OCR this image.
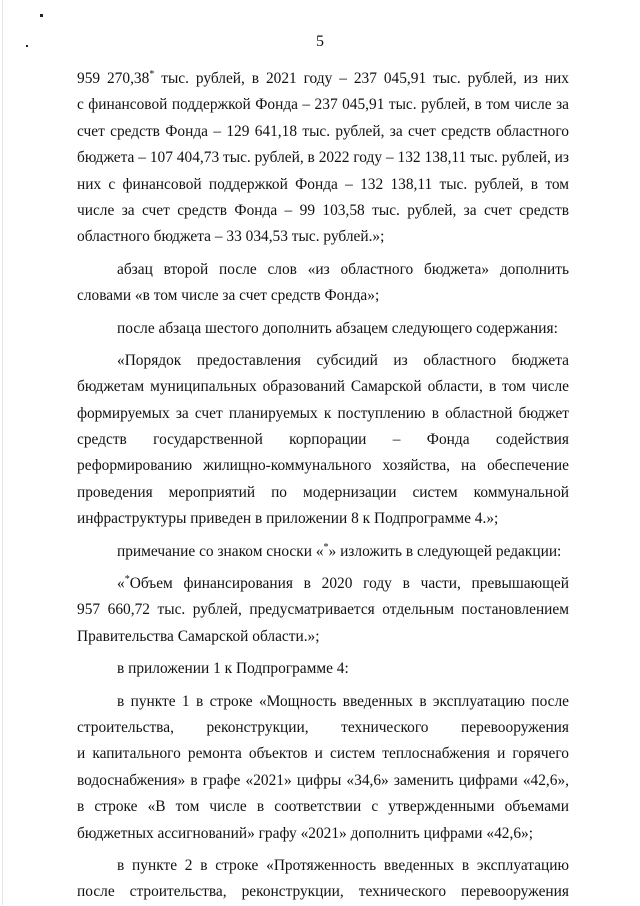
5
959 270,38* тыс. рублей, в 2021 году – 237 045,91 тыс. рублей, из них
с финансовой поддержкой Фонда – 237 045,91 тыс. рублей, в том числе за
счет средств Фонда – 129 641,18 тыс. рублей, за счет средств областного
бюджета – 107 404,73 тыс. рублей, в 2022 году – 132 138,11 тыс. рублей, из
них с финансовой поддержкой Фонда – 132 138,11 тыс. рублей, в том
числе за счет средств Фонда – 99 103,58 тыс. рублей, за счет средств
областного бюджета – 33 034,53 тыс. рублей.»;
абзац второй после слов «из областного бюджета» дополнить
словами «в том числе за счет средств Фонда»;
после абзаца шестого дополнить абзацем следующего содержания:
«Порядок предоставления субсидий из областного бюджета
бюджетам муниципальных образований Самарской области, в том числе
формируемых за счет планируемых к поступлению в областной бюджет
средств государственной корпорации – Фонда содействия
реформированию жилищно-коммунального хозяйства, на обеспечение
проведения мероприятий по модернизации систем коммунальной
инфраструктуры приведен в приложении 8 к Подпрограмме 4.»;
примечание со знаком сноски «*» изложить в следующей редакции:
«*Объем финансирования в 2020 году в части, превышающей
957 660,72 тыс. рублей, предусматривается отдельным постановлением
Правительства Самарской области.»;
в приложении 1 к Подпрограмме 4:
в пункте 1 в строке «Мощность введенных в эксплуатацию после
строительства, реконструкции, технического перевооружения
и капитального ремонта объектов и систем теплоснабжения и горячего
водоснабжения» в графе «2021» цифры «34,6» заменить цифрами «42,6»,
в строке «В том числе в соответствии с утвержденными объемами
бюджетных ассигнований» графу «2021» дополнить цифрами «42,6»;
в пункте 2 в строке «Протяженность введенных в эксплуатацию
после строительства, реконструкции, технического перевооружения
